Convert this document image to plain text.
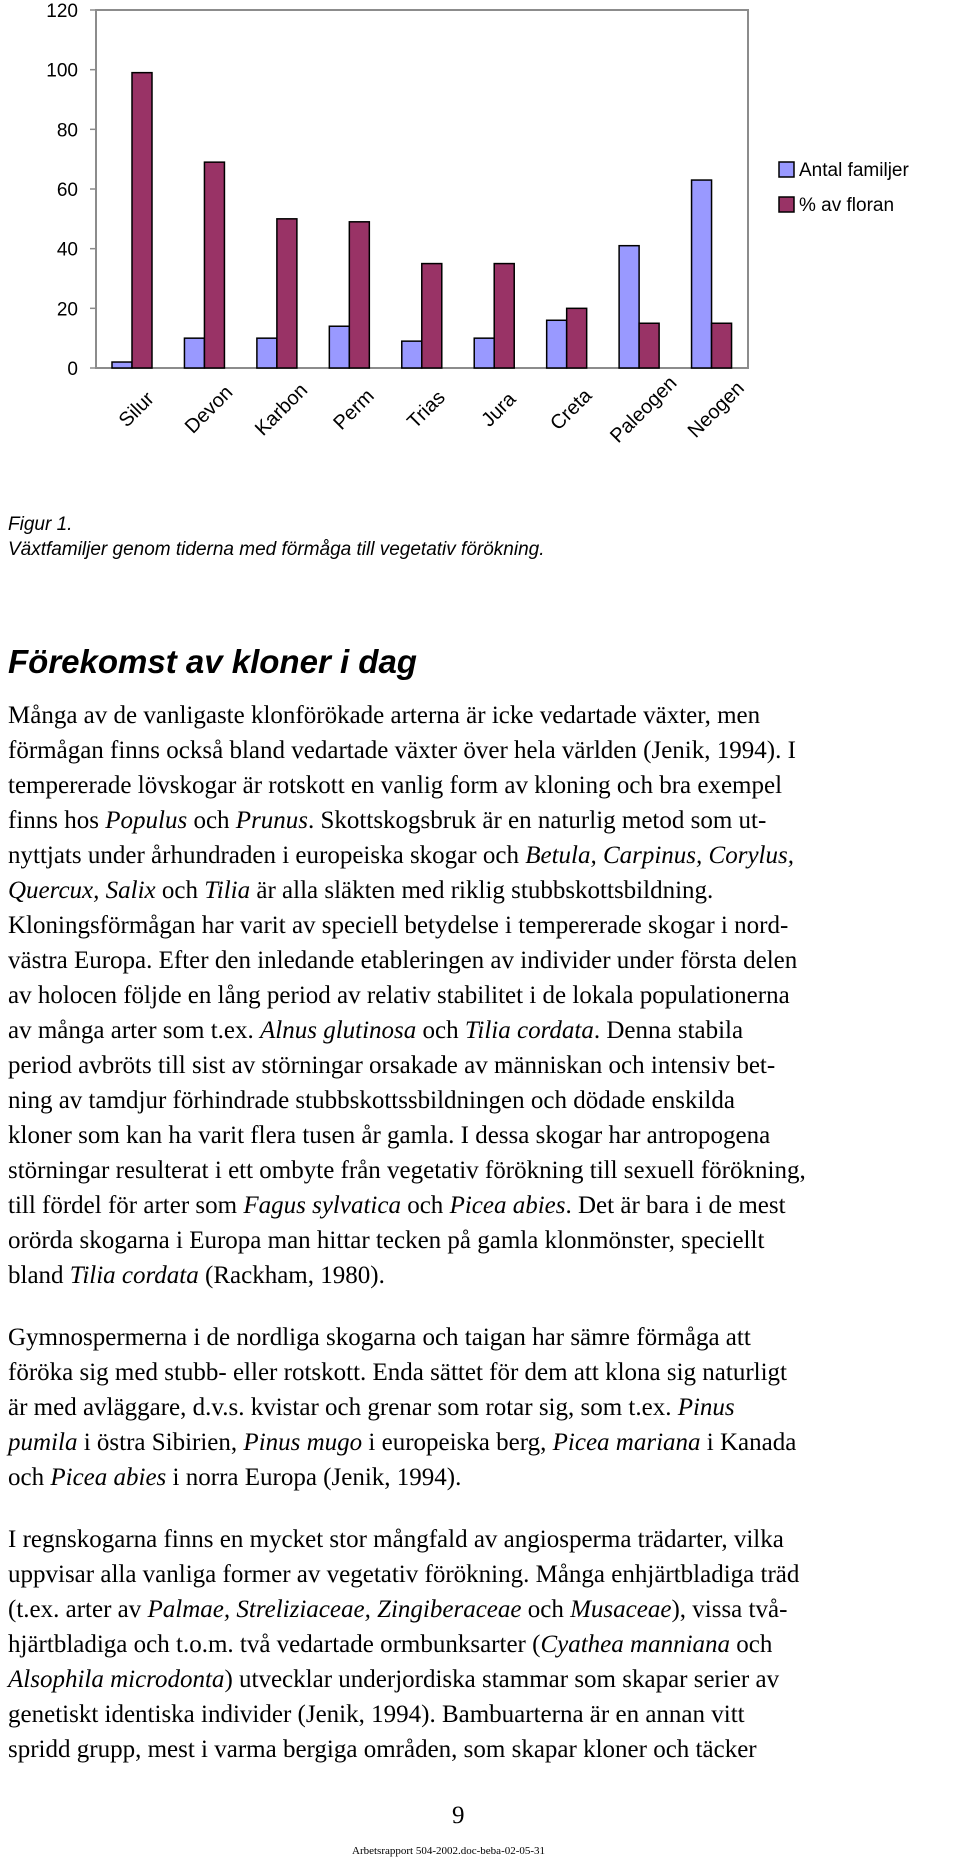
0
20
40
60
80
100
120
Silur Devon Karbon Perm Trias Jura Creta Paleogen Neogen
Antal familjer
% av floran
Figur 1.
Växtfamiljer genom tiderna med förmåga till vegetativ förökning.
Förekomst av kloner i dag

Många av de vanligaste klonförökade arterna är icke vedartade växter, men
förmågan finns också bland vedartade växter över hela världen (Jenik, 1994). I
tempererade lövskogar är rotskott en vanlig form av kloning och bra exempel
finns hos Populus och Prunus. Skottskogsbruk är en naturlig metod som ut-
nyttjats under århundraden i europeiska skogar och Betula, Carpinus, Corylus,
Quercux, Salix och Tilia är alla släkten med riklig stubbskottsbildning.
Kloningsförmågan har varit av speciell betydelse i tempererade skogar i nord-
västra Europa. Efter den inledande etableringen av individer under första delen
av holocen följde en lång period av relativ stabilitet i de lokala populationerna
av många arter som t.ex. Alnus glutinosa och Tilia cordata. Denna stabila
period avbröts till sist av störningar orsakade av människan och intensiv bet-
ning av tamdjur förhindrade stubbskottssbildningen och dödade enskilda
kloner som kan ha varit flera tusen år gamla. I dessa skogar har antropogena
störningar resulterat i ett ombyte från vegetativ förökning till sexuell förökning,
till fördel för arter som Fagus sylvatica och Picea abies. Det är bara i de mest
orörda skogarna i Europa man hittar tecken på gamla klonmönster, speciellt
bland Tilia cordata (Rackham, 1980).

Gymnospermerna i de nordliga skogarna och taigan har sämre förmåga att
föröka sig med stubb- eller rotskott. Enda sättet för dem att klona sig naturligt
är med avläggare, d.v.s. kvistar och grenar som rotar sig, som t.ex. Pinus
pumila i östra Sibirien, Pinus mugo i europeiska berg, Picea mariana i Kanada
och Picea abies i norra Europa (Jenik, 1994).

I regnskogarna finns en mycket stor mångfald av angiosperma trädarter, vilka
uppvisar alla vanliga former av vegetativ förökning. Många enhjärtbladiga träd
(t.ex. arter av Palmae, Streliziaceae, Zingiberaceae och Musaceae), vissa två-
hjärtbladiga och t.o.m. två vedartade ormbunksarter (Cyathea manniana och
Alsophila microdonta) utvecklar underjordiska stammar som skapar serier av
genetiskt identiska individer (Jenik, 1994). Bambuarterna är en annan vitt
spridd grupp, mest i varma bergiga områden, som skapar kloner och täcker

9
Arbetsrapport 504-2002.doc-beba-02-05-31
